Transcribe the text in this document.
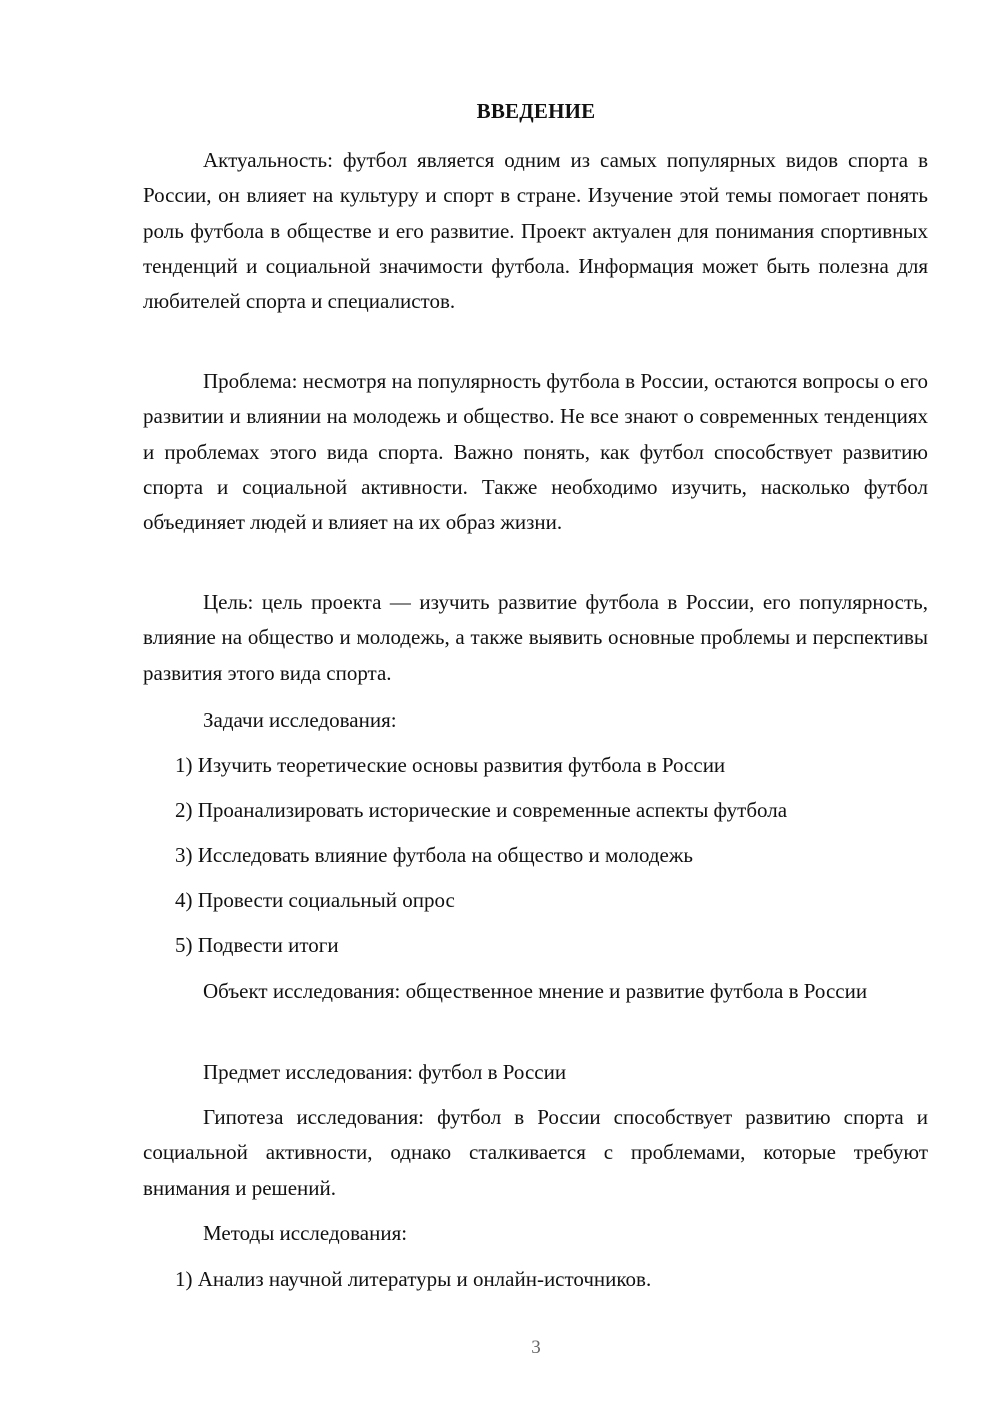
ВВЕДЕНИЕ

Актуальность: футбол является одним из самых популярных видов спорта в России, он влияет на культуру и спорт в стране. Изучение этой темы помогает понять роль футбола в обществе и его развитие. Проект актуален для понимания спортивных тенденций и социальной значимости футбола. Информация может быть полезна для любителей спорта и специалистов.

Проблема: несмотря на популярность футбола в России, остаются вопросы о его развитии и влиянии на молодежь и общество. Не все знают о современных тенденциях и проблемах этого вида спорта. Важно понять, как футбол способствует развитию спорта и социальной активности. Также необходимо изучить, насколько футбол объединяет людей и влияет на их образ жизни.

Цель: цель проекта — изучить развитие футбола в России, его популярность, влияние на общество и молодежь, а также выявить основные проблемы и перспективы развития этого вида спорта.

Задачи исследования:
1) Изучить теоретические основы развития футбола в России
2) Проанализировать исторические и современные аспекты футбола
3) Исследовать влияние футбола на общество и молодежь
4) Провести социальный опрос
5) Подвести итоги

Объект исследования: общественное мнение и развитие футбола в России

Предмет исследования: футбол в России

Гипотеза исследования: футбол в России способствует развитию спорта и социальной активности, однако сталкивается с проблемами, которые требуют внимания и решений.

Методы исследования:
1) Анализ научной литературы и онлайн-источников.
3
